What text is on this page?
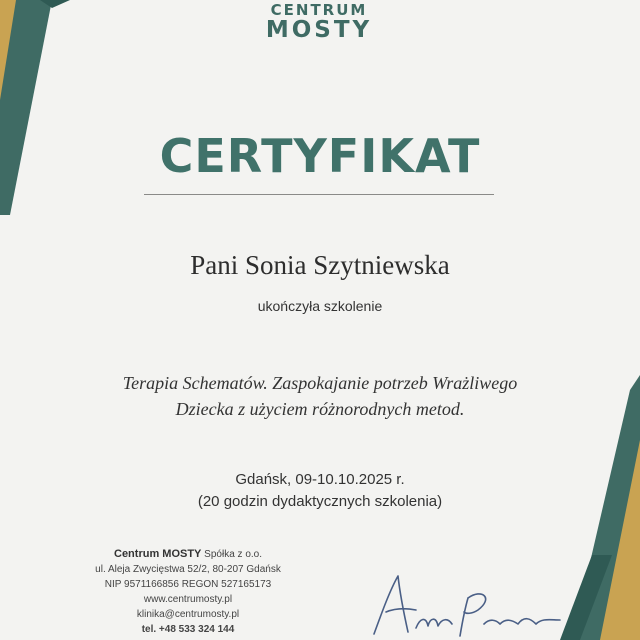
CENTRUM
MOSTY
CERTYFIKAT
Pani Sonia Szytniewska
ukończyła szkolenie
Terapia Schematów. Zaspokajanie potrzeb Wrażliwego
Dziecka z użyciem różnorodnych metod.
Gdańsk, 09-10.10.2025 r.
(20 godzin dydaktycznych szkolenia)
Centrum MOSTY Spółka z o.o.
ul. Aleja Zwycięstwa 52/2, 80-207 Gdańsk
NIP 9571166856 REGON 527165173
www.centrumosty.pl
klinika@centrumosty.pl
tel. +48 533 324 144
